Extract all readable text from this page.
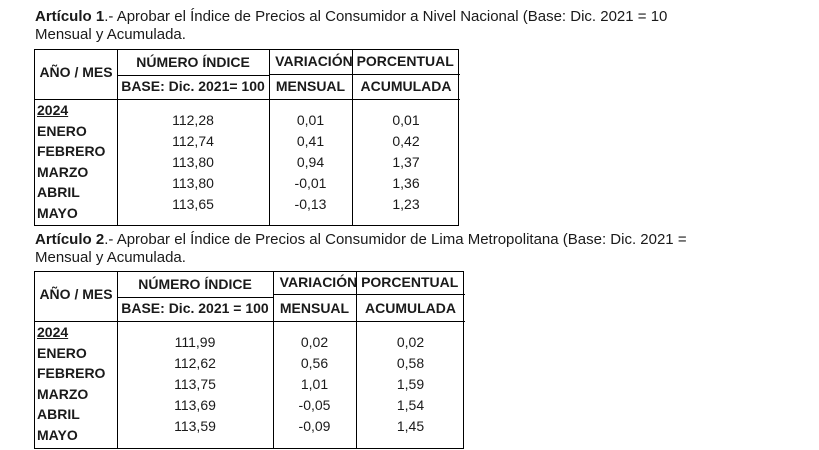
Artículo 1.- Aprobar el Índice de Precios al Consumidor a Nivel Nacional (Base: Dic. 2021 = 10
Mensual y Acumulada.
AÑO / MES
NÚMERO ÍNDICE
BASE: Dic. 2021= 100
VARIACIÓN PORCENTUAL
MENSUAL	ACUMULADA
2024
ENERO
FEBRERO
MARZO
ABRIL
MAYO
112,28
112,74
113,80
113,80
113,65
0,01
0,41
0,94
-0,01
-0,13
0,01
0,42
1,37
1,36
1,23
Artículo 2.- Aprobar el Índice de Precios al Consumidor de Lima Metropolitana (Base: Dic. 2021 =
Mensual y Acumulada.
AÑO / MES
NÚMERO ÍNDICE
BASE: Dic. 2021 = 100
VARIACIÓN PORCENTUAL
MENSUAL	ACUMULADA
2024
ENERO
FEBRERO
MARZO
ABRIL
MAYO
111,99
112,62
113,75
113,69
113,59
0,02
0,56
1,01
-0,05
-0,09
0,02
0,58
1,59
1,54
1,45
